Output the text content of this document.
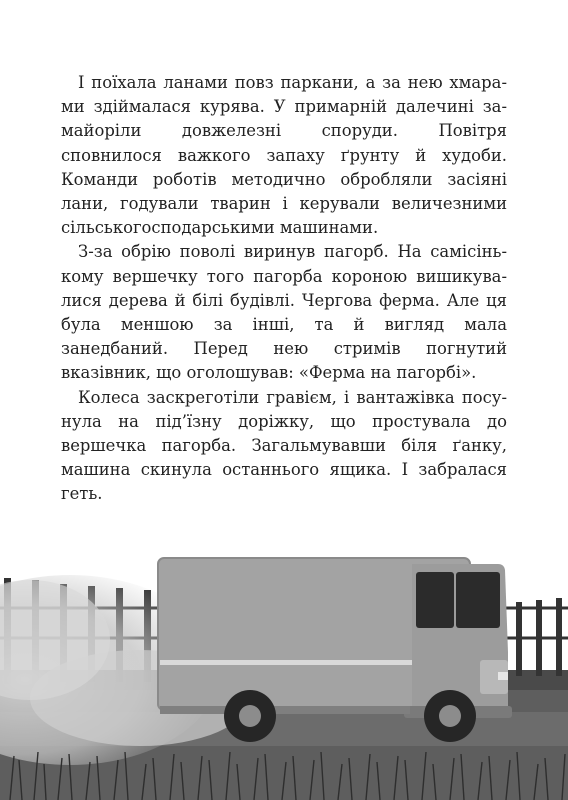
І поїхала ланами повз паркани, а за нею хмарами здіймалася курява. У примарній далечині замайоріли довжелезні споруди. Повітря сповнилося важкого запаху ґрунту й худоби. Команди роботів методично обробляли засіяні лани, годували тварин і керували величезними сільськогосподарськими машинами.

З-за обрію поволі виринув пагорб. На самісінькому вершечку того пагорба короною вишикувалися дерева й білі будівлі. Чергова ферма. Але ця була меншою за інші, та й вигляд мала занедбаний. Перед нею стримів погнутий вказівник, що оголошував: «Ферма на пагорбі».

Колеса заскреготіли гравієм, і вантажівка посунула на під’їзну доріжку, що простувала до вершечка пагорба. Загальмувавши біля ґанку, машина скинула останнього ящика. І забралася геть.
